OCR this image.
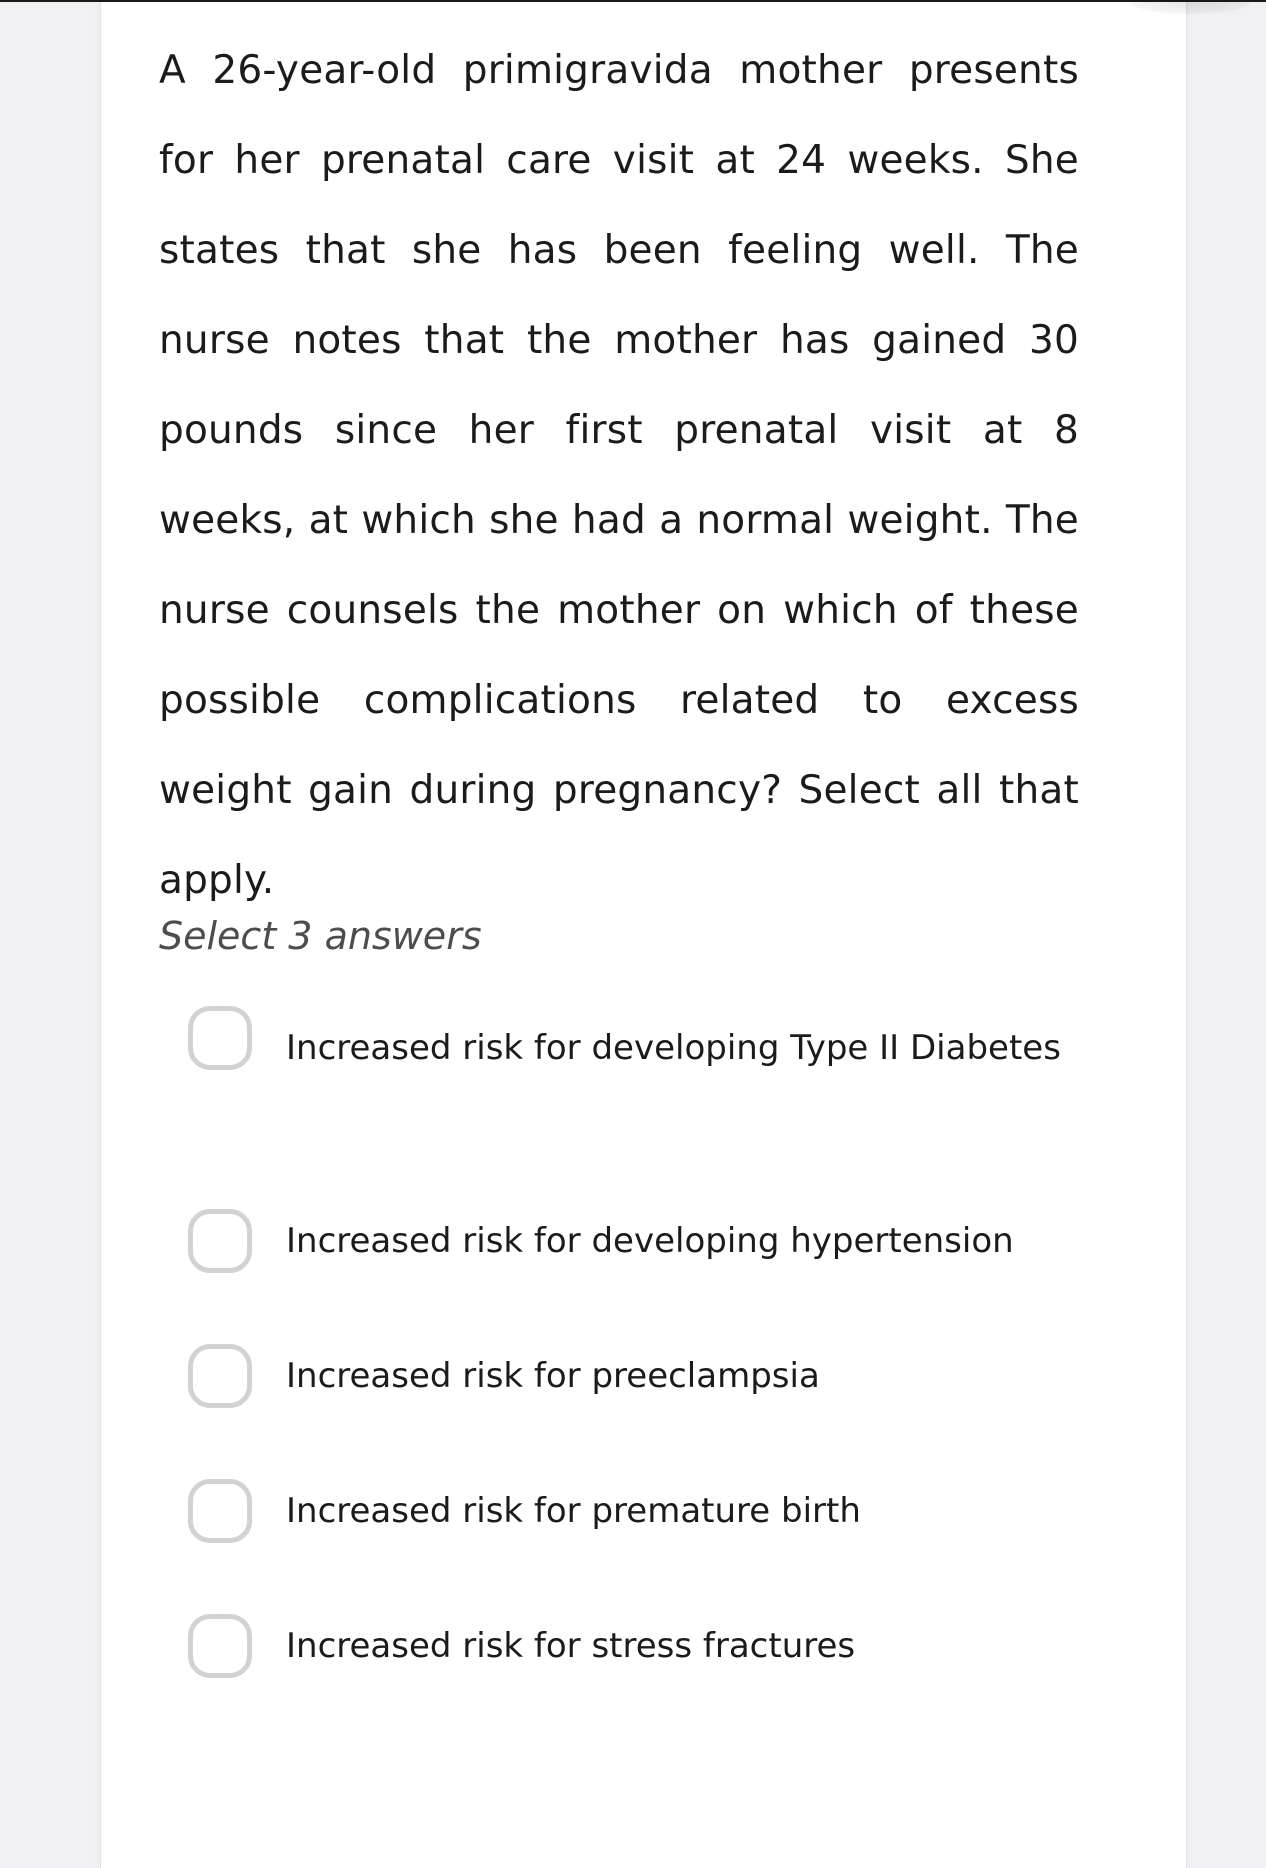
A 26-year-old primigravida mother presents for her prenatal care visit at 24 weeks. She states that she has been feeling well. The nurse notes that the mother has gained 30 pounds since her first prenatal visit at 8 weeks, at which she had a normal weight. The nurse counsels the mother on which of these possible complications related to excess weight gain during pregnancy? Select all that apply.

Select 3 answers

Increased risk for developing Type II Diabetes
Increased risk for developing hypertension
Increased risk for preeclampsia
Increased risk for premature birth
Increased risk for stress fractures
